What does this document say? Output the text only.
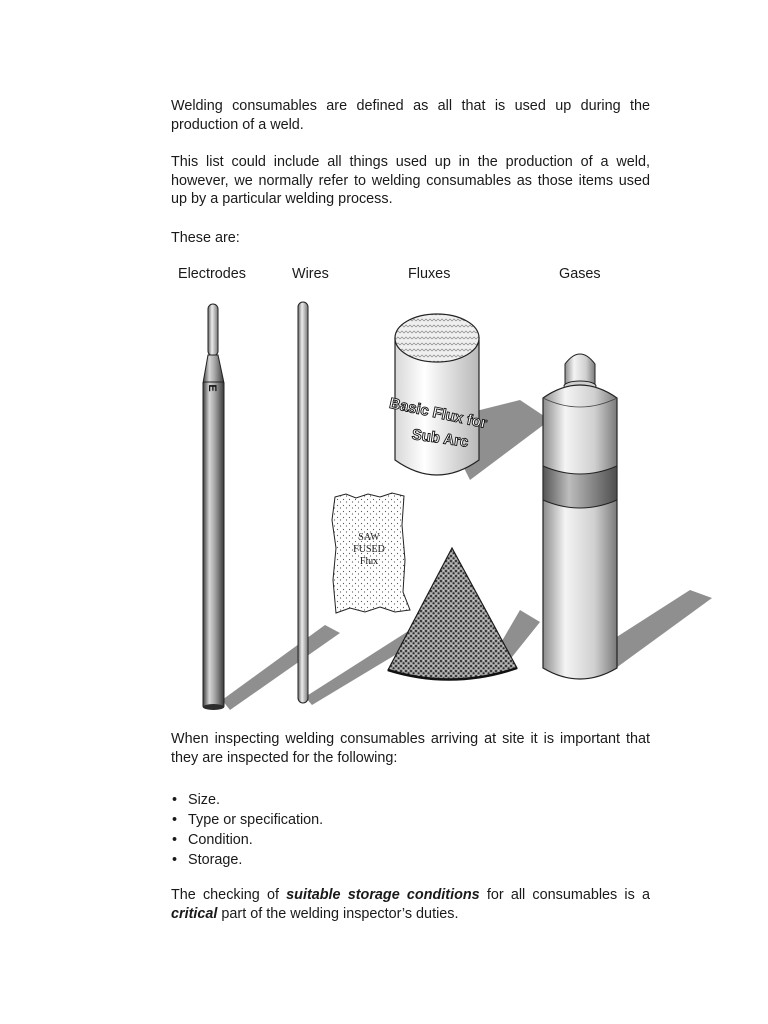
Welding consumables are defined as all that is used up during the production of a weld.

This list could include all things used up in the production of a weld, however, we normally refer to welding consumables as those items used up by a particular welding process.

These are:

Electrodes	Wires	Fluxes	Gases
E
Basic Flux for
Sub Arc
SAW
FUSED
Flux

When inspecting welding consumables arriving at site it is important that they are inspected for the following:

• Size.
• Type or specification.
• Condition.
• Storage.

The checking of suitable storage conditions for all consumables is a critical part of the welding inspector’s duties.
